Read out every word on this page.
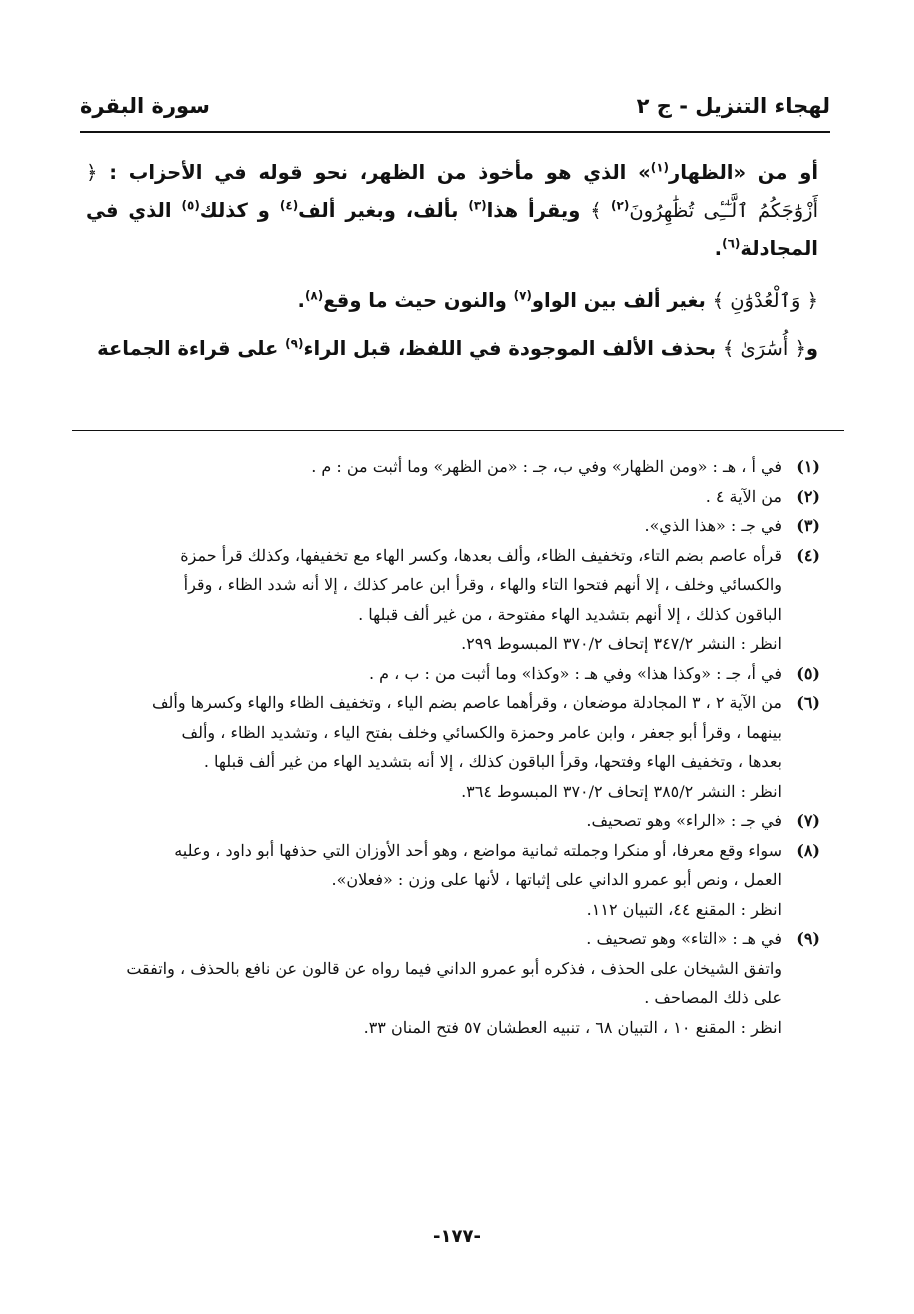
لهجاء التنزيل - ج ٢
سورة البقرة

أو من «الظهار$^{(١)}$» الذي هو مأخوذ من الظهر، نحو قوله في الأحزاب : ﴿ أَزْوَٰجَكُمُ ٱلَّـٰٓـِٔى تُظَٰهِرُونَ$^{(٢)}$ ﴾ ويقرأ هذا$^{(٣)}$ بألف، وبغير ألف$^{(٤)}$ و كذلك$^{(٥)}$ الذي في المجادلة$^{(٦)}$.

﴿ وَٱلْعُدْوَٰنِ ﴾ بغير ألف بين الواو$^{(٧)}$ والنون حيث ما وقع$^{(٨)}$.

و﴿ أُسَٰرَىٰ ﴾ بحذف الألف الموجودة في اللفظ، قبل الراء$^{(٩)}$ على قراءة الجماعة

(١)
في أ ، هـ : «ومن الظهار» وفي ب، جـ : «من الظهر» وما أثبت من : م .
(٢)
من الآية ٤ .
(٣)
في جـ : «هذا الذي».
(٤)
قرأه عاصم بضم التاء، وتخفيف الظاء، وألف بعدها، وكسر الهاء مع تخفيفها، وكذلك قرأ حمزة
والكسائي وخلف ، إلا أنهم فتحوا التاء والهاء ، وقرأ ابن عامر كذلك ، إلا أنه شدد الظاء ، وقرأ
الباقون كذلك ، إلا أنهم بتشديد الهاء مفتوحة ، من غير ألف قبلها .
انظر : النشر ٣٤٧/٢ إتحاف ٣٧٠/٢ المبسوط ٢٩٩.
(٥)
في أ، جـ : «وكذا هذا» وفي هـ : «وكذا» وما أثبت من : ب ، م .
(٦)
من الآية ٢ ، ٣ المجادلة موضعان ، وقرأهما عاصم بضم الياء ، وتخفيف الظاء والهاء وكسرها وألف
بينهما ، وقرأ أبو جعفر ، وابن عامر وحمزة والكسائي وخلف بفتح الياء ، وتشديد الظاء ، وألف
بعدها ، وتخفيف الهاء وفتحها، وقرأ الباقون كذلك ، إلا أنه بتشديد الهاء من غير ألف قبلها .
انظر : النشر ٣٨٥/٢ إتحاف ٣٧٠/٢ المبسوط ٣٦٤.
(٧)
في جـ : «الراء» وهو تصحيف.
(٨)
سواء وقع معرفا، أو منكرا وجملته ثمانية مواضع ، وهو أحد الأوزان التي حذفها أبو داود ، وعليه
العمل ، ونص أبو عمرو الداني على إثباتها ، لأنها على وزن : «فعلان».
انظر : المقنع ٤٤، التبيان ١١٢.
(٩)
في هـ : «التاء» وهو تصحيف .
واتفق الشيخان على الحذف ، فذكره أبو عمرو الداني فيما رواه عن قالون عن نافع بالحذف ، واتفقت
على ذلك المصاحف .
انظر : المقنع ١٠ ، التبيان ٦٨ ، تنبيه العطشان ٥٧ فتح المنان ٣٣.
-١٧٧-
